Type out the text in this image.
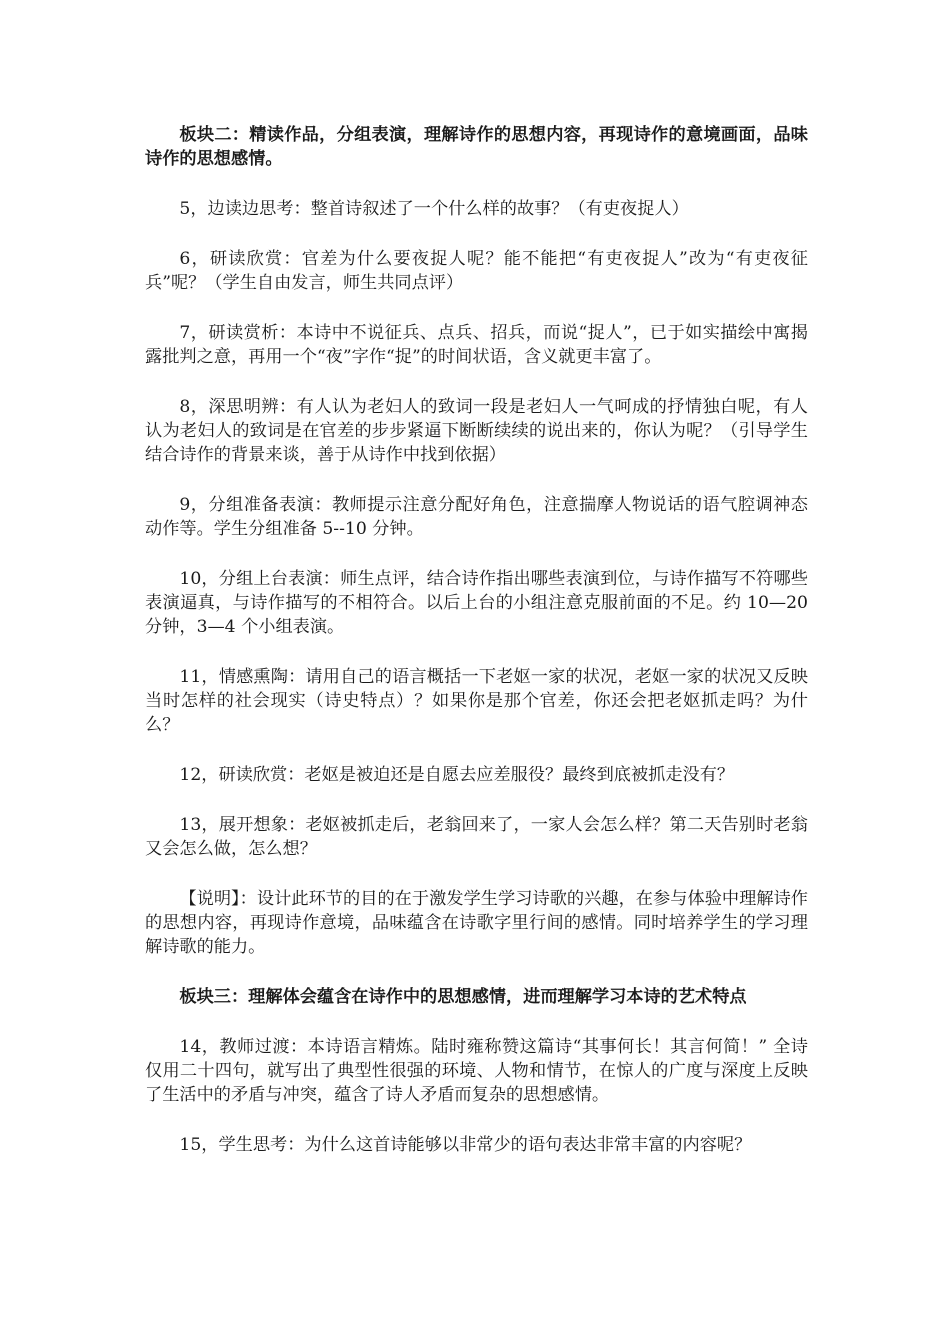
板块二：精读作品，分组表演，理解诗作的思想内容，再现诗作的意境画面，品味诗作的思想感情。

5，边读边思考：整首诗叙述了一个什么样的故事？（有吏夜捉人）

6，研读欣赏：官差为什么要夜捉人呢？能不能把“有吏夜捉人”改为“有吏夜征兵”呢？（学生自由发言，师生共同点评）

7，研读赏析：本诗中不说征兵、点兵、招兵，而说“捉人”，已于如实描绘中寓揭露批判之意，再用一个“夜”字作“捉”的时间状语，含义就更丰富了。

8，深思明辨：有人认为老妇人的致词一段是老妇人一气呵成的抒情独白呢，有人认为老妇人的致词是在官差的步步紧逼下断断续续的说出来的，你认为呢？（引导学生结合诗作的背景来谈，善于从诗作中找到依据）

9，分组准备表演：教师提示注意分配好角色，注意揣摩人物说话的语气腔调神态动作等。学生分组准备 5--10 分钟。

10，分组上台表演：师生点评，结合诗作指出哪些表演到位，与诗作描写不符哪些表演逼真，与诗作描写的不相符合。以后上台的小组注意克服前面的不足。约 10—20 分钟，3—4 个小组表演。

11，情感熏陶：请用自己的语言概括一下老妪一家的状况，老妪一家的状况又反映当时怎样的社会现实（诗史特点）？如果你是那个官差，你还会把老妪抓走吗？为什么？

12，研读欣赏：老妪是被迫还是自愿去应差服役？最终到底被抓走没有？

13，展开想象：老妪被抓走后，老翁回来了，一家人会怎么样？第二天告别时老翁又会怎么做，怎么想？

【说明】：设计此环节的目的在于激发学生学习诗歌的兴趣，在参与体验中理解诗作的思想内容，再现诗作意境，品味蕴含在诗歌字里行间的感情。同时培养学生的学习理解诗歌的能力。

板块三：理解体会蕴含在诗作中的思想感情，进而理解学习本诗的艺术特点

14，教师过渡：本诗语言精炼。陆时雍称赞这篇诗“其事何长！其言何简！” 全诗仅用二十四句，就写出了典型性很强的环境、人物和情节，在惊人的广度与深度上反映了生活中的矛盾与冲突，蕴含了诗人矛盾而复杂的思想感情。

15，学生思考：为什么这首诗能够以非常少的语句表达非常丰富的内容呢？
